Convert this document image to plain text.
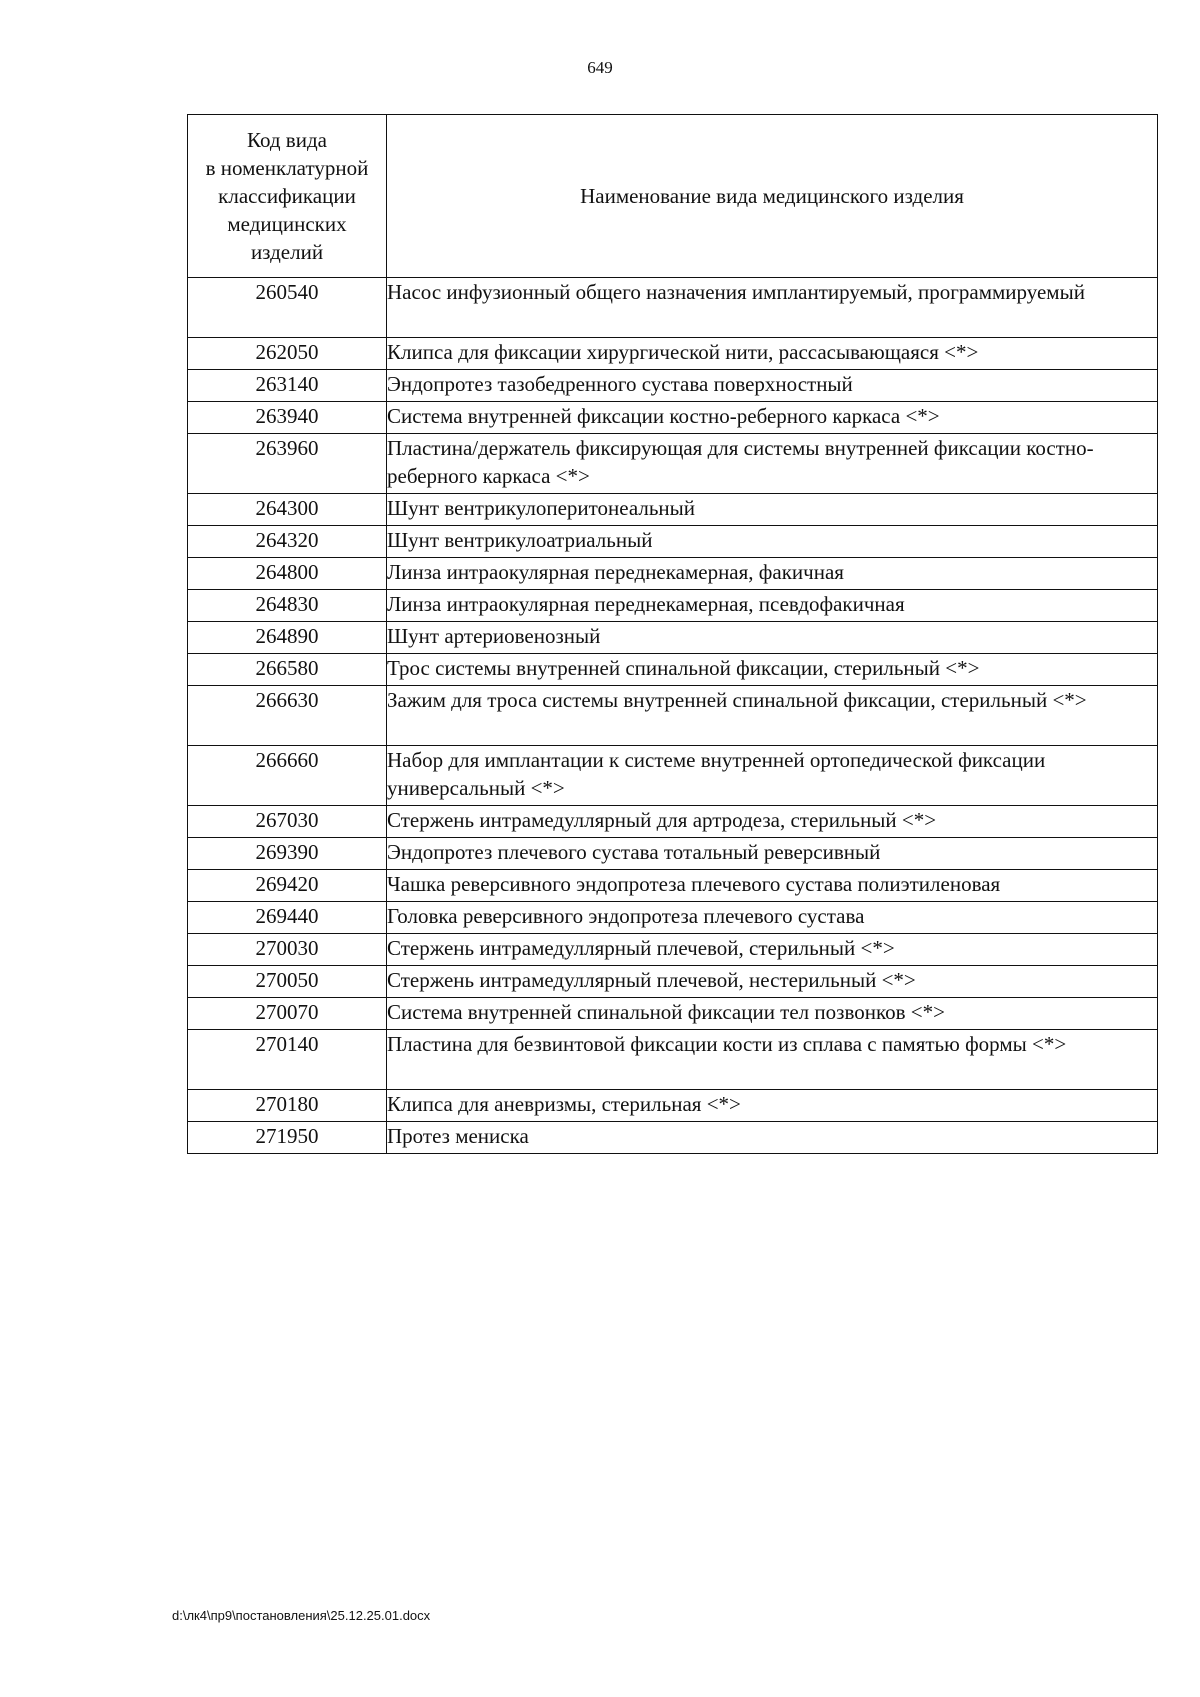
649
Код вида
в номенклатурной
классификации
медицинских
изделий	Наименование вида медицинского изделия
260540	Насос инфузионный общего назначения имплантируемый, программируемый
262050	Клипса для фиксации хирургической нити, рассасывающаяся <*>
263140	Эндопротез тазобедренного сустава поверхностный
263940	Система внутренней фиксации костно-реберного каркаса <*>
263960	Пластина/держатель фиксирующая для системы внутренней фиксации костно-реберного каркаса <*>
264300	Шунт вентрикулоперитонеальный
264320	Шунт вентрикулоатриальный
264800	Линза интраокулярная переднекамерная, факичная
264830	Линза интраокулярная переднекамерная, псевдофакичная
264890	Шунт артериовенозный
266580	Трос системы внутренней спинальной фиксации, стерильный <*>
266630	Зажим для троса системы внутренней спинальной фиксации, стерильный <*>
266660	Набор для имплантации к системе внутренней ортопедической фиксации универсальный <*>
267030	Стержень интрамедуллярный для артродеза, стерильный <*>
269390	Эндопротез плечевого сустава тотальный реверсивный
269420	Чашка реверсивного эндопротеза плечевого сустава полиэтиленовая
269440	Головка реверсивного эндопротеза плечевого сустава
270030	Стержень интрамедуллярный плечевой, стерильный <*>
270050	Стержень интрамедуллярный плечевой, нестерильный <*>
270070	Система внутренней спинальной фиксации тел позвонков <*>
270140	Пластина для безвинтовой фиксации кости из сплава с памятью формы <*>
270180	Клипса для аневризмы, стерильная <*>
271950	Протез мениска
d:\лк4\пр9\постановления\25.12.25.01.docx
